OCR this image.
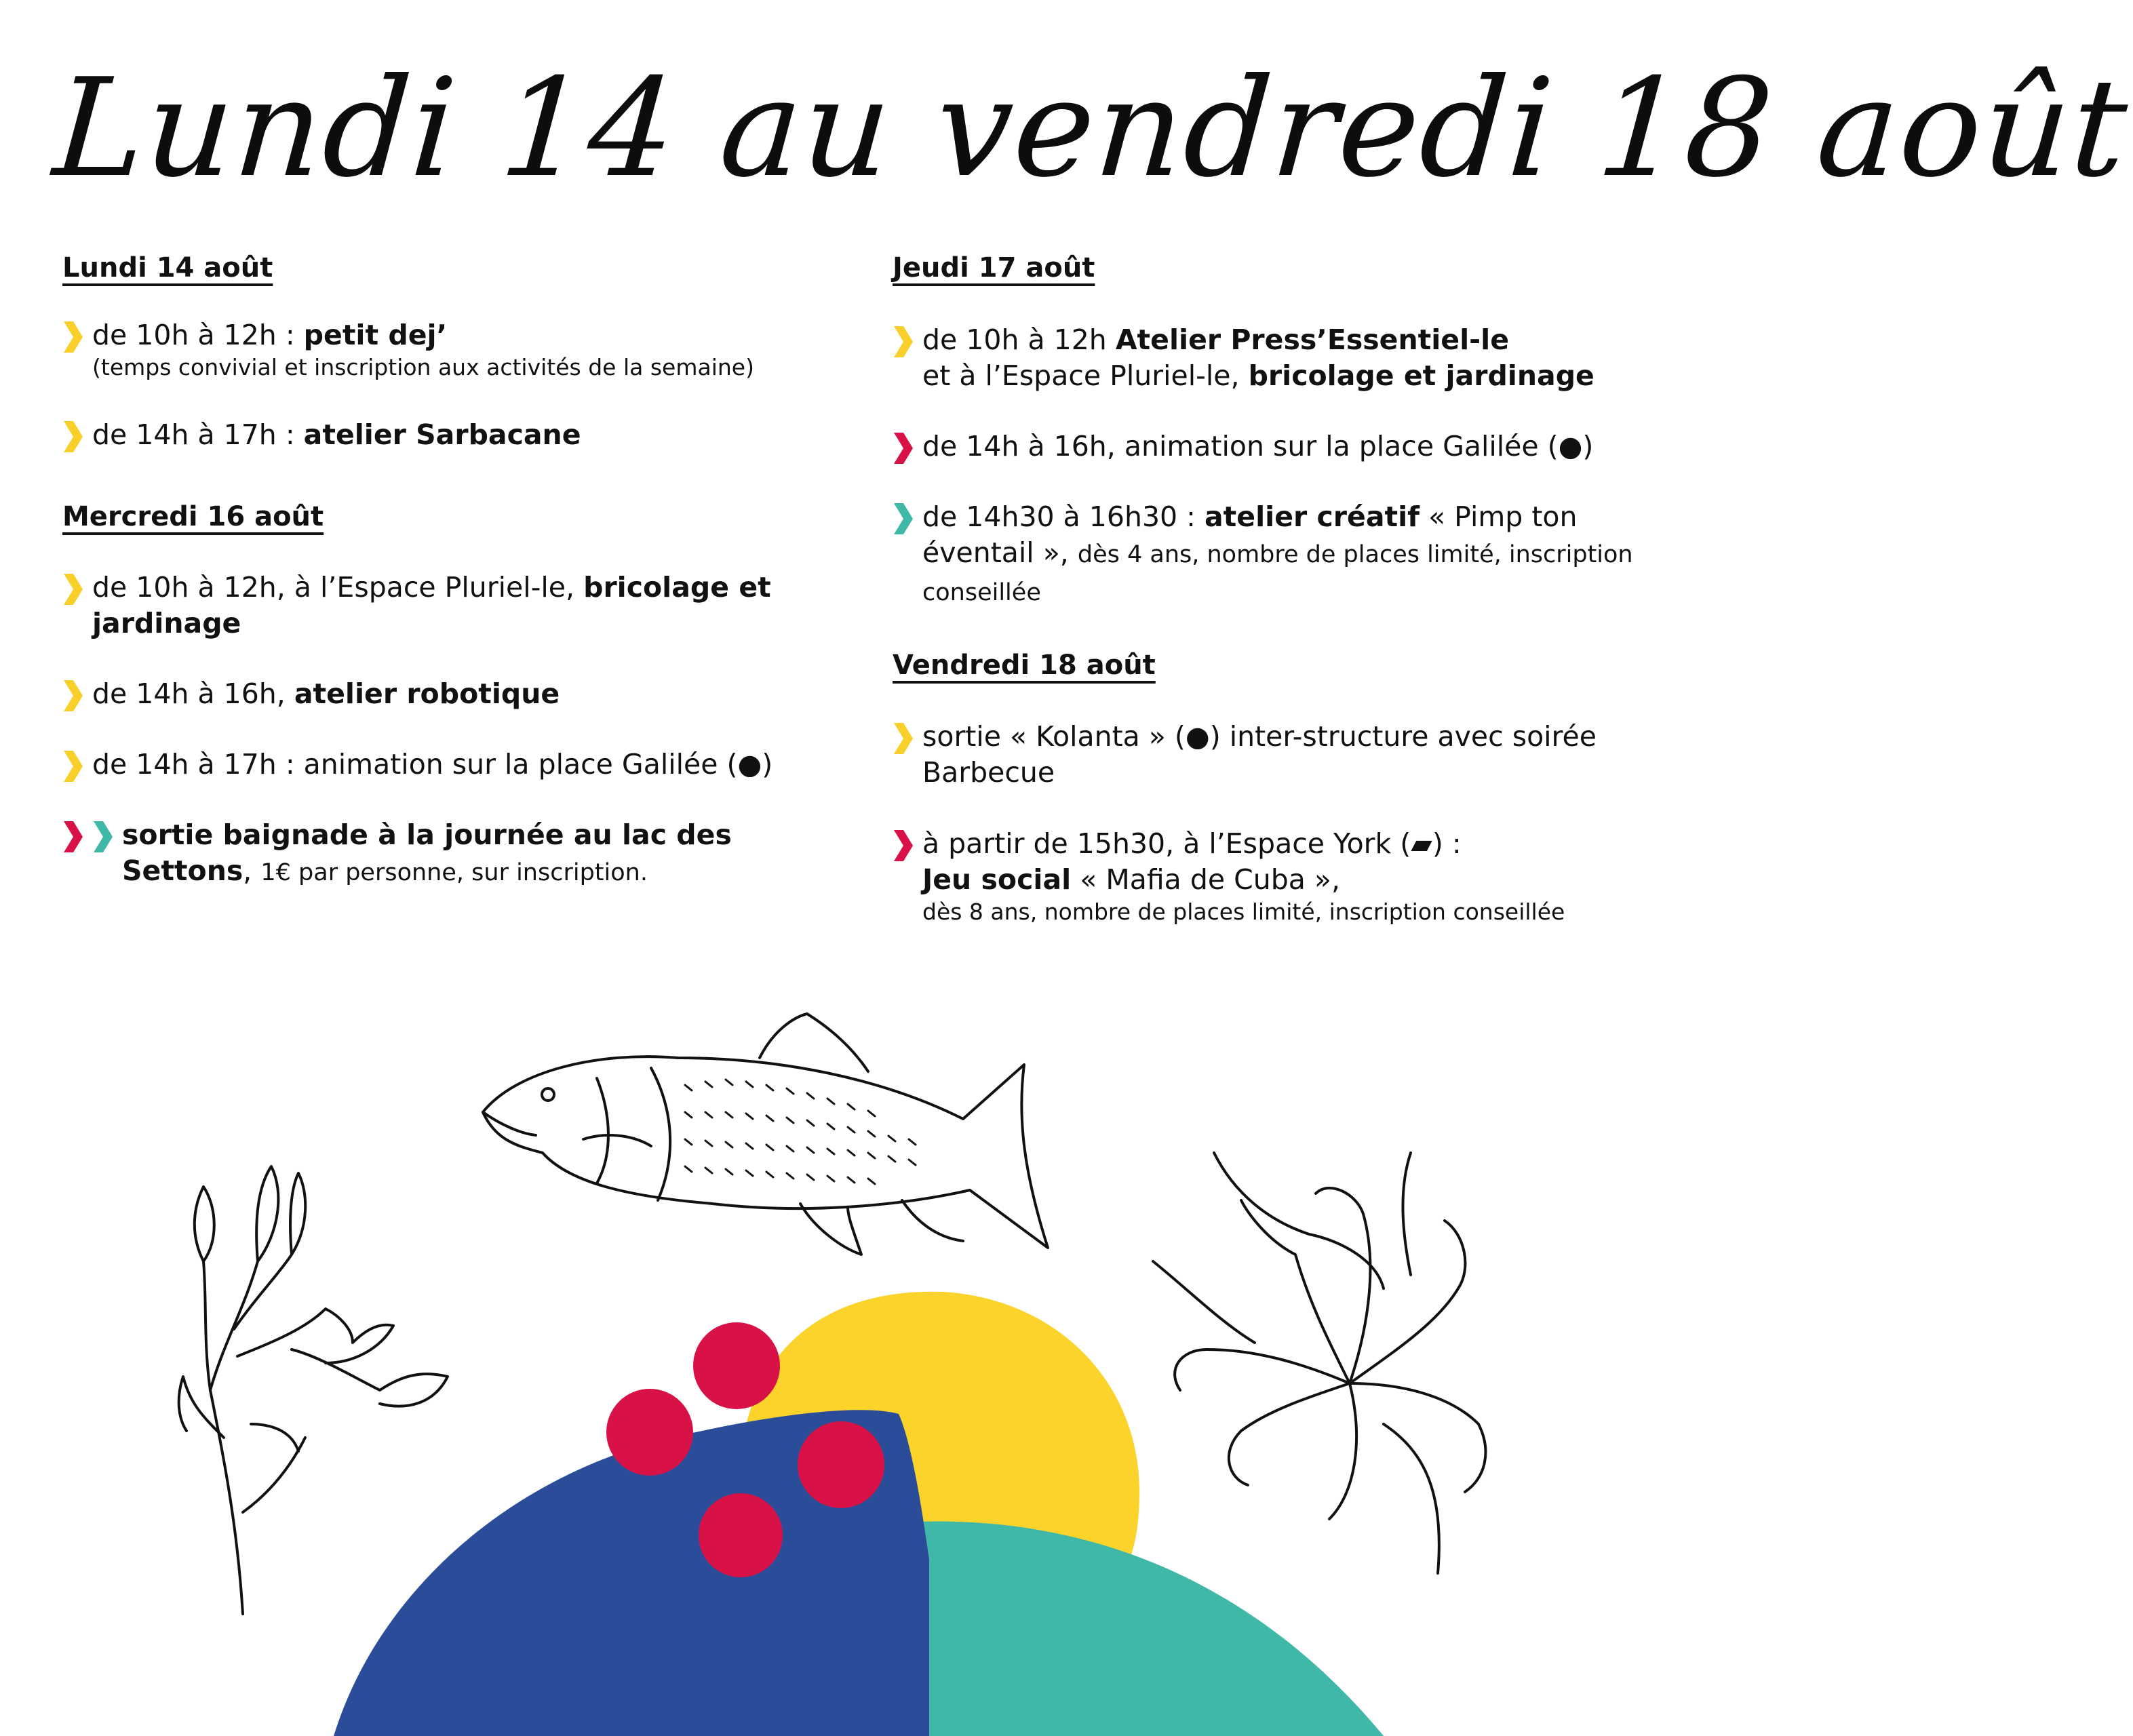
Lundi 14 au vendredi 18 août
Lundi 14 août
de 10h à 12h : petit dej’
(temps convivial et inscription aux activités de la semaine)
de 14h à 17h : atelier Sarbacane
Mercredi 16 août
de 10h à 12h, à l’Espace Pluriel-le, bricolage et jardinage
de 14h à 16h, atelier robotique
de 14h à 17h : animation sur la place Galilée (●)
sortie baignade à la journée au lac des Settons, 1€ par personne, sur inscription.
Jeudi 17 août
de 10h à 12h Atelier Press’Essentiel-le
et à l’Espace Pluriel-le, bricolage et jardinage
de 14h à 16h, animation sur la place Galilée (●)
de 14h30 à 16h30 : atelier créatif « Pimp ton éventail », dès 4 ans, nombre de places limité, inscription conseillée
Vendredi 18 août
sortie « Kolanta » (●) inter-structure avec soirée Barbecue
à partir de 15h30, à l’Espace York (▰) :
Jeu social « Mafia de Cuba »,
dès 8 ans, nombre de places limité, inscription conseillée
